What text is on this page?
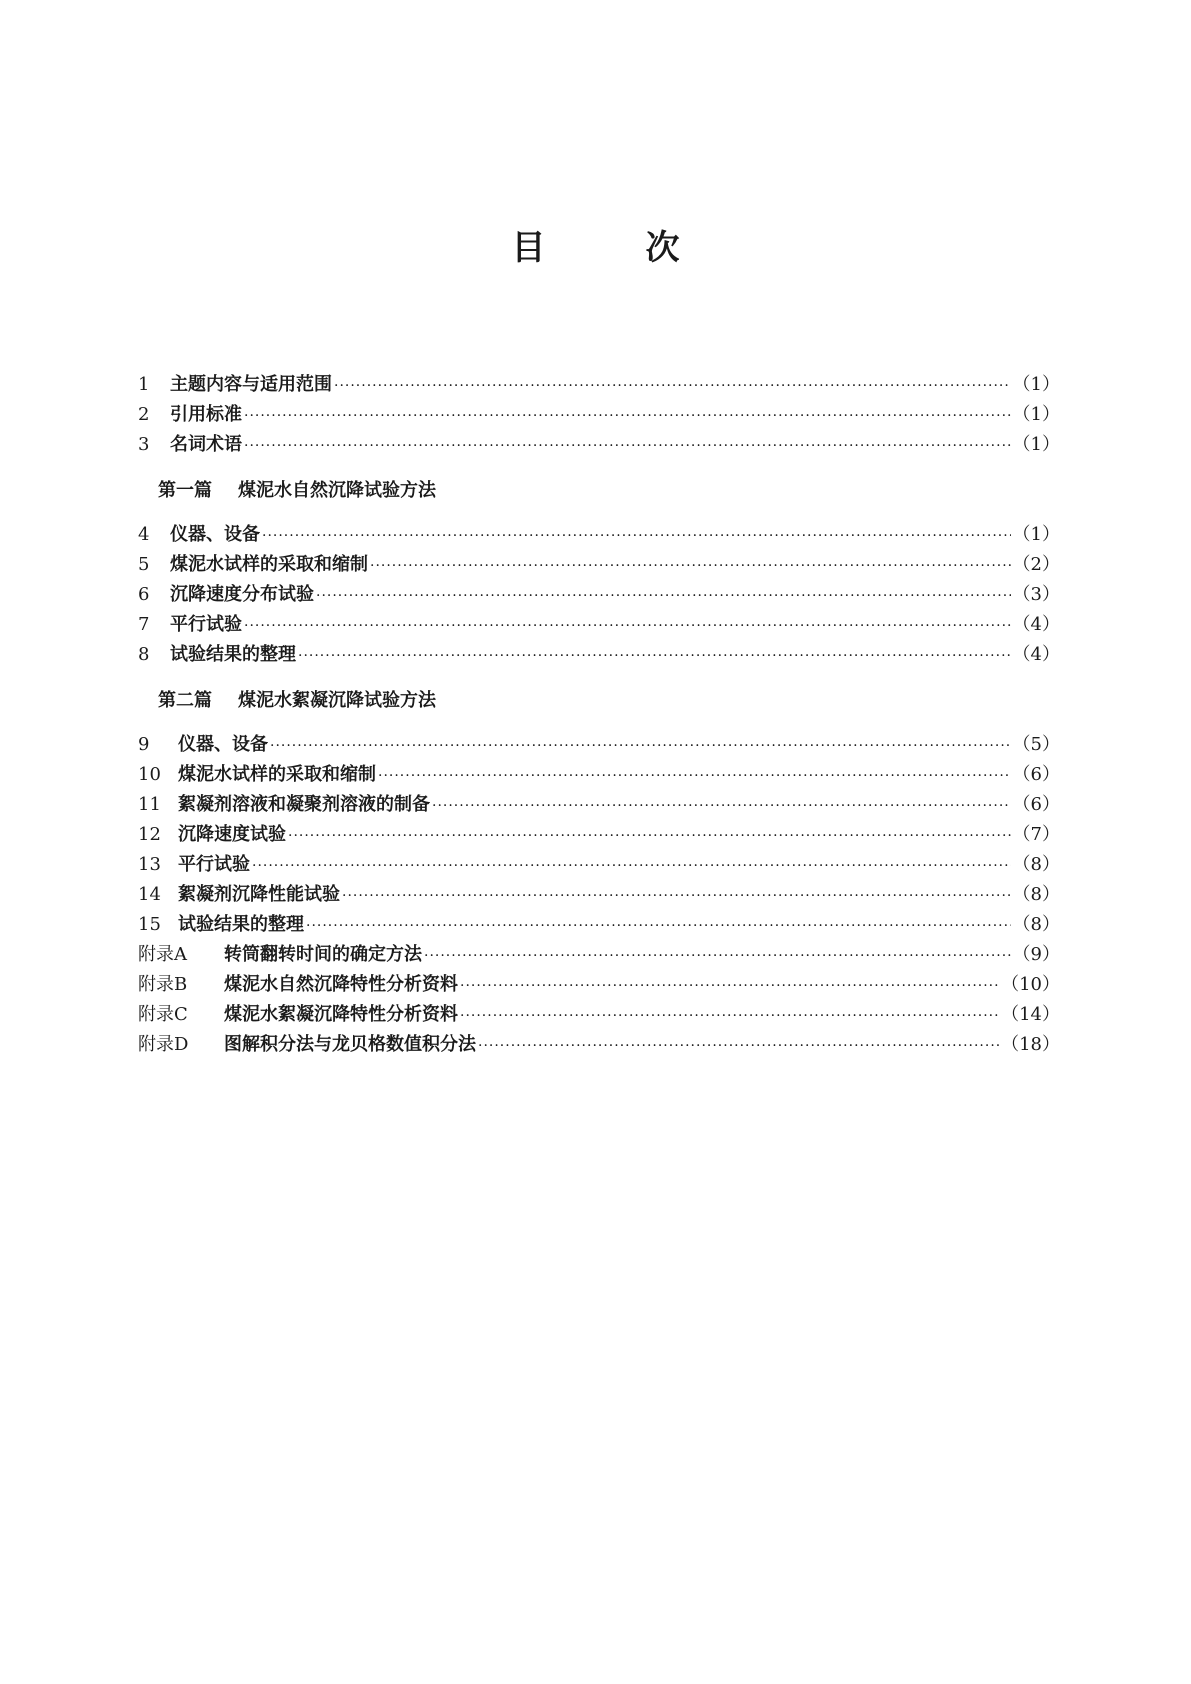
目	次
1	主题内容与适用范围 ·····	（1）
2	引用标准 ·····	（1）
3	名词术语 ·····	（1）
第一篇 煤泥水自然沉降试验方法
4	仪器、设备 ·····	（1）
5	煤泥水试样的采取和缩制 ·····	（2）
6	沉降速度分布试验 ·····	（3）
7	平行试验 ·····	（4）
8	试验结果的整理 ·····	（4）
第二篇 煤泥水絮凝沉降试验方法
9	仪器、设备 ·····	（5）
10 煤泥水试样的采取和缩制 ·····	（6）
11 絮凝剂溶液和凝聚剂溶液的制备 ·····	（6）
12 沉降速度试验 ·····	（7）
13 平行试验 ·····	（8）
14 絮凝剂沉降性能试验 ·····	（8）
15 试验结果的整理 ·····	（8）
附录A	转筒翻转时间的确定方法 ·····	（9）
附录B	煤泥水自然沉降特性分析资料 ·····	（10）
附录C	煤泥水絮凝沉降特性分析资料 ·····	（14）
附录D	图解积分法与龙贝格数值积分法 ·····	（18）
